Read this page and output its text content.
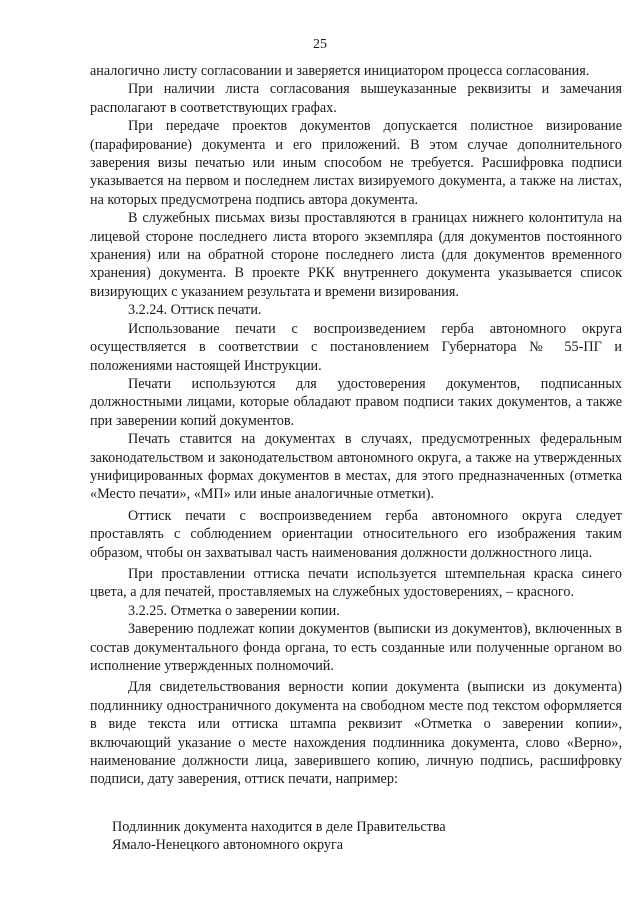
25

аналогично листу согласовании и заверяется инициатором процесса согласования.

При наличии листа согласования вышеуказанные реквизиты и замечания располагают в соответствующих графах.

При передаче проектов документов допускается полистное визирование (парафирование) документа и его приложений. В этом случае дополнительного заверения визы печатью или иным способом не требуется. Расшифровка подписи указывается на первом и последнем листах визируемого документа, а также на листах, на которых предусмотрена подпись автора документа.

В служебных письмах визы проставляются в границах нижнего колонтитула на лицевой стороне последнего листа второго экземпляра (для документов постоянного хранения) или на обратной стороне последнего листа (для документов временного хранения) документа. В проекте РКК внутреннего документа указывается список визирующих с указанием результата и времени визирования.

3.2.24. Оттиск печати.

Использование печати с воспроизведением герба автономного округа осуществляется в соответствии с постановлением Губернатора № 55-ПГ и положениями настоящей Инструкции.

Печати используются для удостоверения документов, подписанных должностными лицами, которые обладают правом подписи таких документов, а также при заверении копий документов.

Печать ставится на документах в случаях, предусмотренных федеральным законодательством и законодательством автономного округа, а также на утвержденных унифицированных формах документов в местах, для этого предназначенных (отметка «Место печати», «МП» или иные аналогичные отметки).

Оттиск печати с воспроизведением герба автономного округа следует проставлять с соблюдением ориентации относительного его изображения таким образом, чтобы он захватывал часть наименования должности должностного лица.

При проставлении оттиска печати используется штемпельная краска синего цвета, а для печатей, проставляемых на служебных удостоверениях, – красного.

3.2.25. Отметка о заверении копии.

Заверению подлежат копии документов (выписки из документов), включенных в состав документального фонда органа, то есть созданные или полученные органом во исполнение утвержденных полномочий.

Для свидетельствования верности копии документа (выписки из документа) подлиннику одностраничного документа на свободном месте под текстом оформляется в виде текста или оттиска штампа реквизит «Отметка о заверении копии», включающий указание о месте нахождения подлинника документа, слово «Верно», наименование должности лица, заверившего копию, личную подпись, расшифровку подписи, дату заверения, оттиск печати, например:

Подлинник документа находится в деле Правительства
Ямало-Ненецкого автономного округа
